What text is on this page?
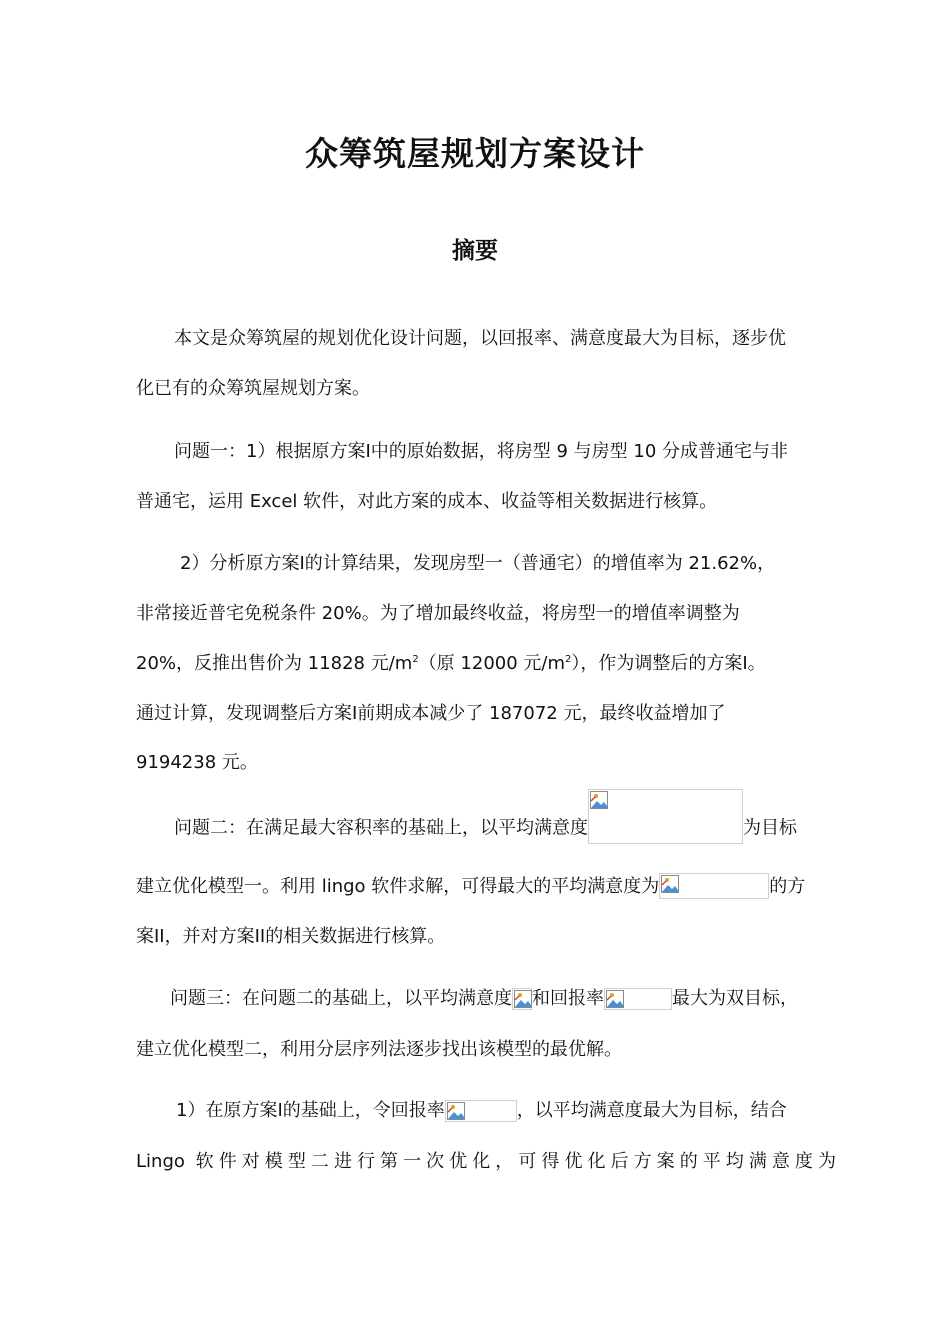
众筹筑屋规划方案设计
摘要
本文是众筹筑屋的规划优化设计问题，以回报率、满意度最大为目标，逐步优
化已有的众筹筑屋规划方案。
问题一：1）根据原方案Ⅰ中的原始数据，将房型 9 与房型 10 分成普通宅与非
普通宅，运用 Excel 软件，对此方案的成本、收益等相关数据进行核算。
2）分析原方案Ⅰ的计算结果，发现房型一（普通宅）的增值率为 21.62%，
非常接近普宅免税条件 20%。为了增加最终收益，将房型一的增值率调整为
20%，反推出售价为 11828 元$/m^2$（原 12000 元$/m^2$），作为调整后的方案Ⅰ。
通过计算，发现调整后方案Ⅰ前期成本减少了 187072 元，最终收益增加了
9194238 元。
问题二：在满足最大容积率的基础上，以平均满意度	为目标
建立优化模型一。利用 lingo 软件求解，可得最大的平均满意度为	的方
案II，并对方案II的相关数据进行核算。
问题三：在问题二的基础上，以平均满意度 和回报率	最大为双目标，
建立优化模型二，利用分层序列法逐步找出该模型的最优解。
1）在原方案Ⅰ的基础上，令回报率	，以平均满意度最大为目标，结合
Lingo 软件对模型二进行第一次优化，可得优化后方案的平均满意度为
